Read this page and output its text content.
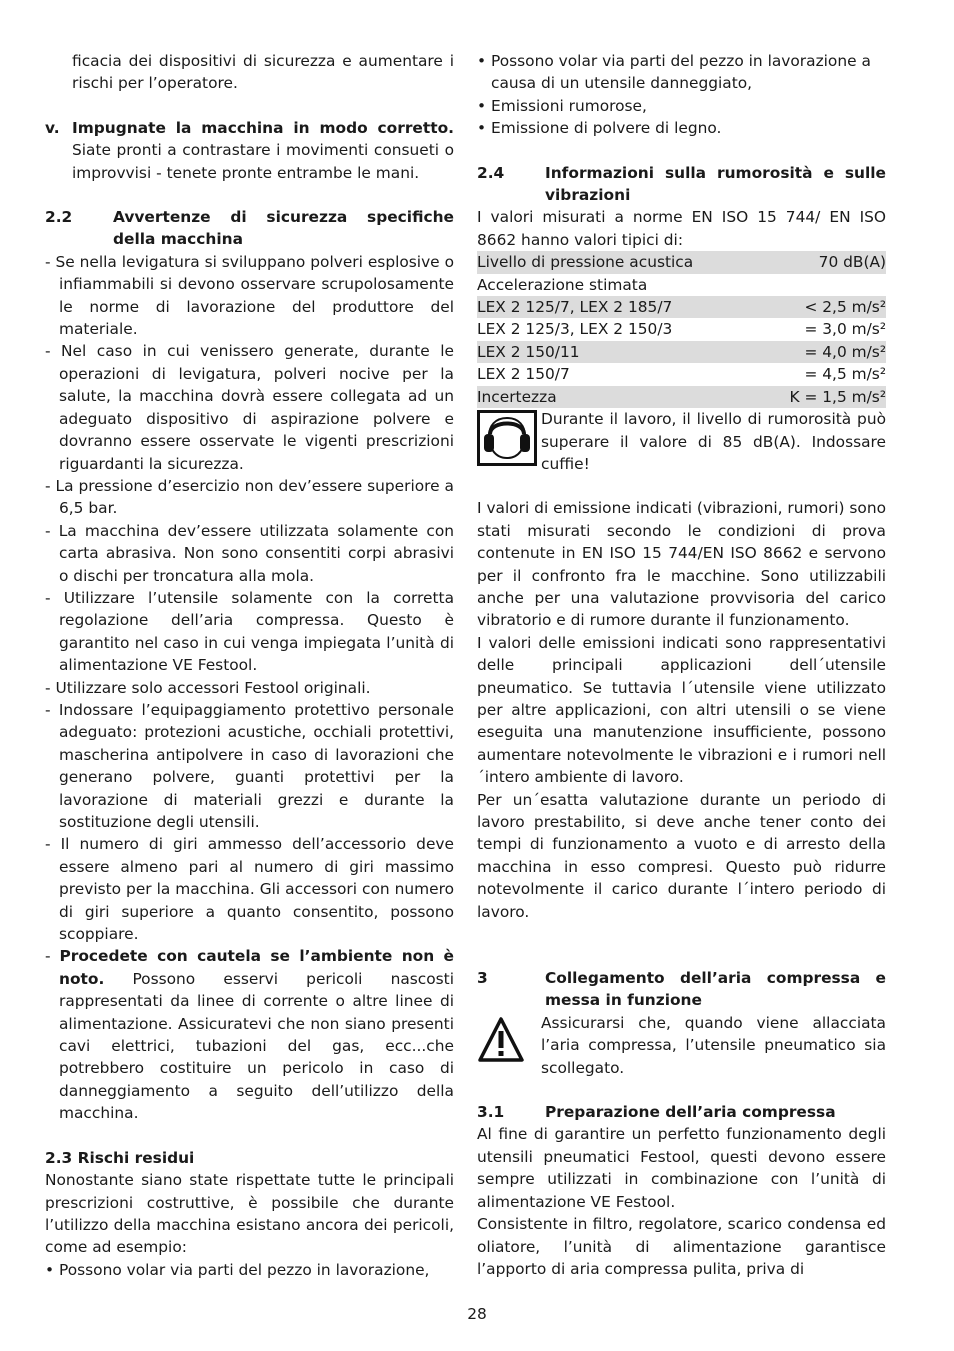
ficacia dei dispositivi di sicurezza e aumentare i rischi per l’operatore.

v. Impugnate la macchina in modo corretto. Siate pronti a contrastare i movimenti consueti o improvvisi - tenete pronte entrambe le mani.

2.2	Avvertenze di sicurezza specifiche della macchina

- Se nella levigatura si sviluppano polveri esplosive o infiammabili si devono osservare scrupolosamente le norme di lavorazione del produttore del materiale.

- Nel caso in cui venissero generate, durante le operazioni di levigatura, polveri nocive per la salute, la macchina dovrà essere collegata ad un adeguato dispositivo di aspirazione polvere e dovranno essere osservate le vigenti prescrizioni riguardanti la sicurezza.

- La pressione d’esercizio non dev’essere superiore a 6,5 bar.

- La macchina dev’essere utilizzata solamente con carta abrasiva. Non sono consentiti corpi abrasivi o dischi per troncatura alla mola.

- Utilizzare l’utensile solamente con la corretta regolazione dell’aria compressa. Questo è garantito nel caso in cui venga impiegata l’unità di alimentazione VE Festool.

- Utilizzare solo accessori Festool originali.

- Indossare l’equipaggiamento protettivo personale adeguato: protezioni acustiche, occhiali protettivi, mascherina antipolvere in caso di lavorazioni che generano polvere, guanti protettivi per la lavorazione di materiali grezzi e durante la sostituzione degli utensili.

- Il numero di giri ammesso dell’accessorio deve essere almeno pari al numero di giri massimo previsto per la macchina. Gli accessori con numero di giri superiore a quanto consentito, possono scoppiare.

- Procedete con cautela se l’ambiente non è noto. Possono esservi pericoli nascosti rappresentati da linee di corrente o altre linee di alimentazione. Assicuratevi che non siano presenti cavi elettrici, tubazioni del gas, ecc...che potrebbero costituire un pericolo in caso di danneggiamento a seguito dell’utilizzo della macchina.

2.3 Rischi residui

Nonostante siano state rispettate tutte le principali prescrizioni costruttive, è possibile che durante l’utilizzo della macchina esistano ancora dei pericoli, come ad esempio:

• Possono volar via parti del pezzo in lavorazione,

• Possono volar via parti del pezzo in lavorazione a causa di un utensile danneggiato,

• Emissioni rumorose,

• Emissione di polvere di legno.

2.4	Informazioni sulla rumorosità e sulle vibrazioni

I valori misurati a norme EN ISO 15 744/ EN ISO 8662 hanno valori tipici di:

Livello di pressione acustica	70 dB(A)
Accelerazione stimata	
LEX 2 125/7, LEX 2 185/7	< 2,5 m/s²
LEX 2 125/3, LEX 2 150/3	= 3,0 m/s²
LEX 2 150/11	= 4,0 m/s²
LEX 2 150/7	= 4,5 m/s²
Incertezza	K = 1,5 m/s²

Durante il lavoro, il livello di rumorosità può superare il valore di 85 dB(A). Indossare cuffie!

I valori di emissione indicati (vibrazioni, rumori) sono stati misurati secondo le condizioni di prova contenute in EN ISO 15 744/EN ISO 8662 e servono per il confronto fra le macchine. Sono utilizzabili anche per una valutazione provvisoria del carico vibratorio e di rumore durante il funzionamento.

I valori delle emissioni indicati sono rappresentativi delle principali applicazioni dell´utensile pneumatico. Se tuttavia l´utensile viene utilizzato per altre applicazioni, con altri utensili o se viene eseguita una manutenzione insufficiente, possono aumentare notevolmente le vibrazioni e i rumori nell´intero ambiente di lavoro.

Per un´esatta valutazione durante un periodo di lavoro prestabilito, si deve anche tener conto dei tempi di funzionamento a vuoto e di arresto della macchina in esso compresi. Questo può ridurre notevolmente il carico durante l´intero periodo di lavoro.

3	Collegamento dell’aria compressa e messa in funzione

Assicurarsi che, quando viene allacciata l’aria compressa, l’utensile pneumatico sia scollegato.

3.1	Preparazione dell’aria compressa

Al fine di garantire un perfetto funzionamento degli utensili pneumatici Festool, questi devono essere sempre utilizzati in combinazione con l’unità di alimentazione VE Festool.

Consistente in filtro, regolatore, scarico condensa ed oliatore, l’unità di alimentazione garantisce l’apporto di aria compressa pulita, priva di

28
